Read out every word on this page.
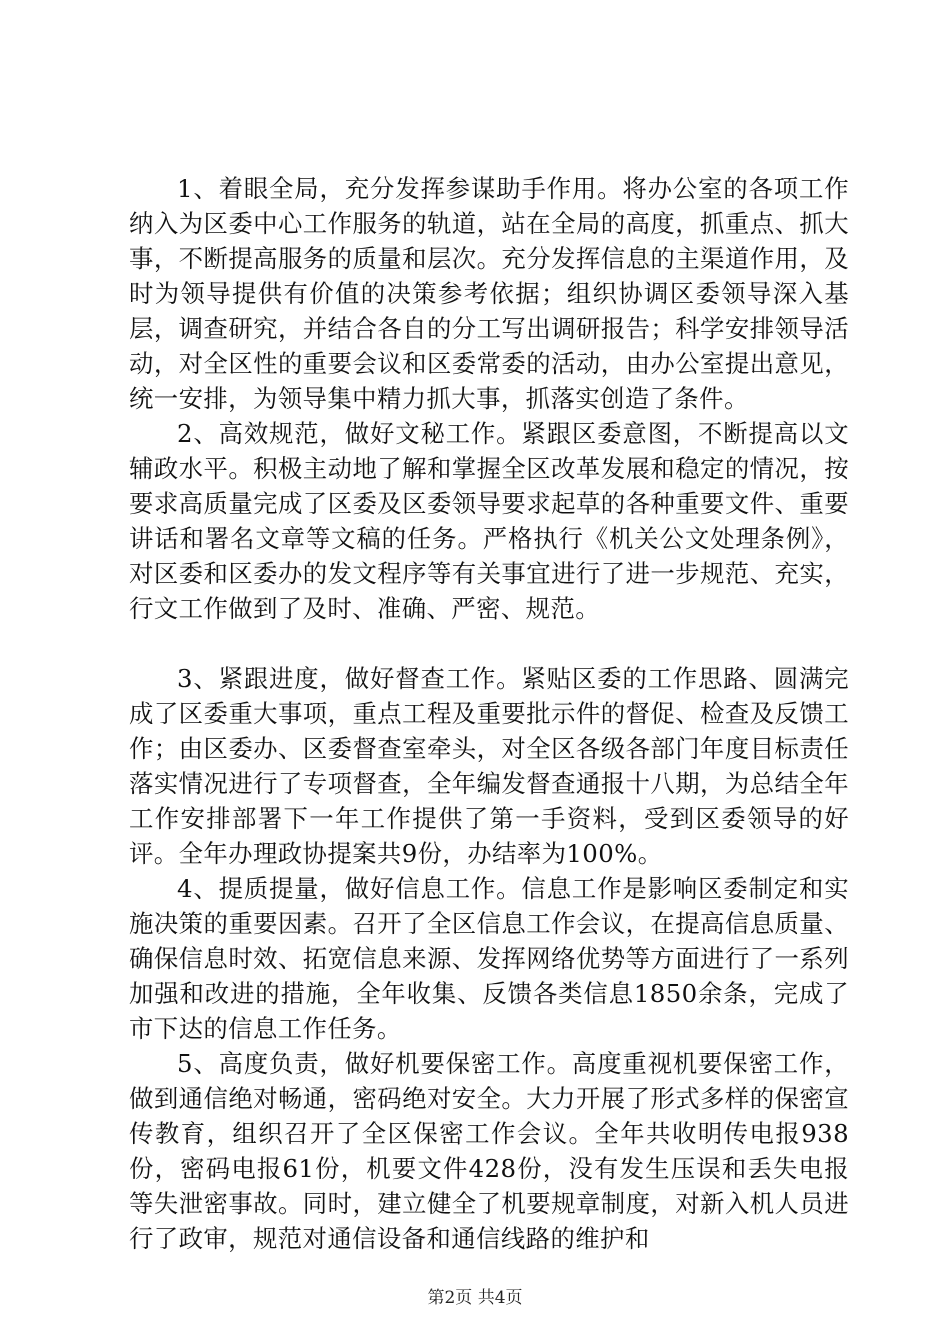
1、着眼全局，充分发挥参谋助手作用。将办公室的各项工作纳入为区委中心工作服务的轨道，站在全局的高度，抓重点、抓大事，不断提高服务的质量和层次。充分发挥信息的主渠道作用，及时为领导提供有价值的决策参考依据；组织协调区委领导深入基层，调查研究，并结合各自的分工写出调研报告；科学安排领导活动，对全区性的重要会议和区委常委的活动，由办公室提出意见，统一安排，为领导集中精力抓大事，抓落实创造了条件。

2、高效规范，做好文秘工作。紧跟区委意图，不断提高以文辅政水平。积极主动地了解和掌握全区改革发展和稳定的情况，按要求高质量完成了区委及区委领导要求起草的各种重要文件、重要讲话和署名文章等文稿的任务。严格执行《机关公文处理条例》，对区委和区委办的发文程序等有关事宜进行了进一步规范、充实，行文工作做到了及时、准确、严密、规范。

3、紧跟进度，做好督查工作。紧贴区委的工作思路、圆满完成了区委重大事项，重点工程及重要批示件的督促、检查及反馈工作；由区委办、区委督查室牵头，对全区各级各部门年度目标责任落实情况进行了专项督查，全年编发督查通报十八期，为总结全年工作安排部署下一年工作提供了第一手资料，受到区委领导的好评。全年办理政协提案共9份，办结率为100%。

4、提质提量，做好信息工作。信息工作是影响区委制定和实施决策的重要因素。召开了全区信息工作会议，在提高信息质量、确保信息时效、拓宽信息来源、发挥网络优势等方面进行了一系列加强和改进的措施，全年收集、反馈各类信息1850余条，完成了市下达的信息工作任务。

5、高度负责，做好机要保密工作。高度重视机要保密工作，做到通信绝对畅通，密码绝对安全。大力开展了形式多样的保密宣传教育，组织召开了全区保密工作会议。全年共收明传电报938份，密码电报61份，机要文件428份，没有发生压误和丢失电报等失泄密事故。同时，建立健全了机要规章制度，对新入机人员进行了政审，规范对通信设备和通信线路的维护和

第2页 共4页
